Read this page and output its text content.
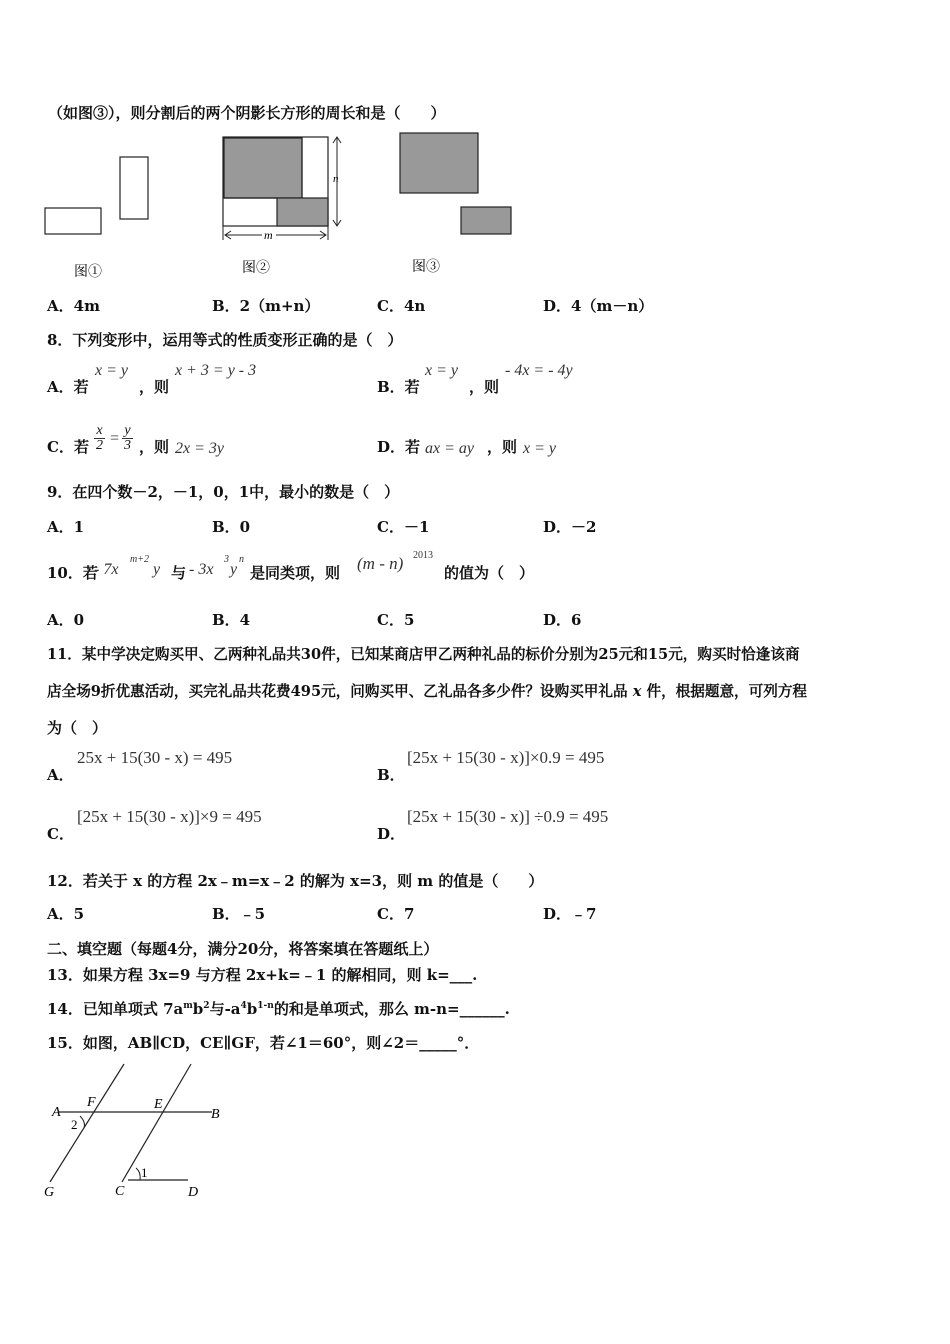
（如图③），则分割后的两个阴影长方形的周长和是（　　）
图①
n
m
图②	图③
A．4m	B．2（m+n）	C．4n	D．4（m－n）
8．下列变形中，运用等式的性质变形正确的是（　）
A．若
x = y
，则
x + 3 = y - 3
B．若
x = y
，则
- 4x = - 4y
C．若 $\frac{x}{2} = \frac{y}{3}$ ，则 2x = 3y	D．若 ax = ay ，则 x = y
9．在四个数－2，－1，0，1中，最小的数是（　）
A．1	B．0	C．－1	D．－2
10．若
- 7x
m+2
y 与 - 3x
3
y
n
是同类项，则 (m - n) 2013
的值为（　）
A．0	B．4	C．5	D．6
11．某中学决定购买甲、乙两种礼品共30件，已知某商店甲乙两种礼品的标价分别为25元和15元，购买时恰逢该商
店全场9折优惠活动，买完礼品共花费495元，问购买甲、乙礼品各多少件？设购买甲礼品 x 件，根据题意，可列方程
为（　）
A．
25x + 15(30 - x) = 495
B．
[25x + 15(30 - x)]×0.9 = 495
C．
[25x + 15(30 - x)]×9 = 495
D．
[25x + 15(30 - x)] ÷0.9 = 495
12．若关于 x 的方程 2x﹣m=x﹣2 的解为 x=3，则 m 的值是（　　）
A．5	B．﹣5	C．7	D．﹣7
二、填空题（每题4分，满分20分，将答案填在答题纸上）
13．如果方程 3x=9 与方程 2x+k=﹣1 的解相同，则 k=___.
14．已知单项式 $7a^mb^2$与$-a^4b^{1-n}$的和是单项式，那么 m-n=______.
15．如图，AB∥CD，CE∥GF，若∠1＝60°，则∠2＝_____°．
A	B
F	E
2
1
G	C	D
